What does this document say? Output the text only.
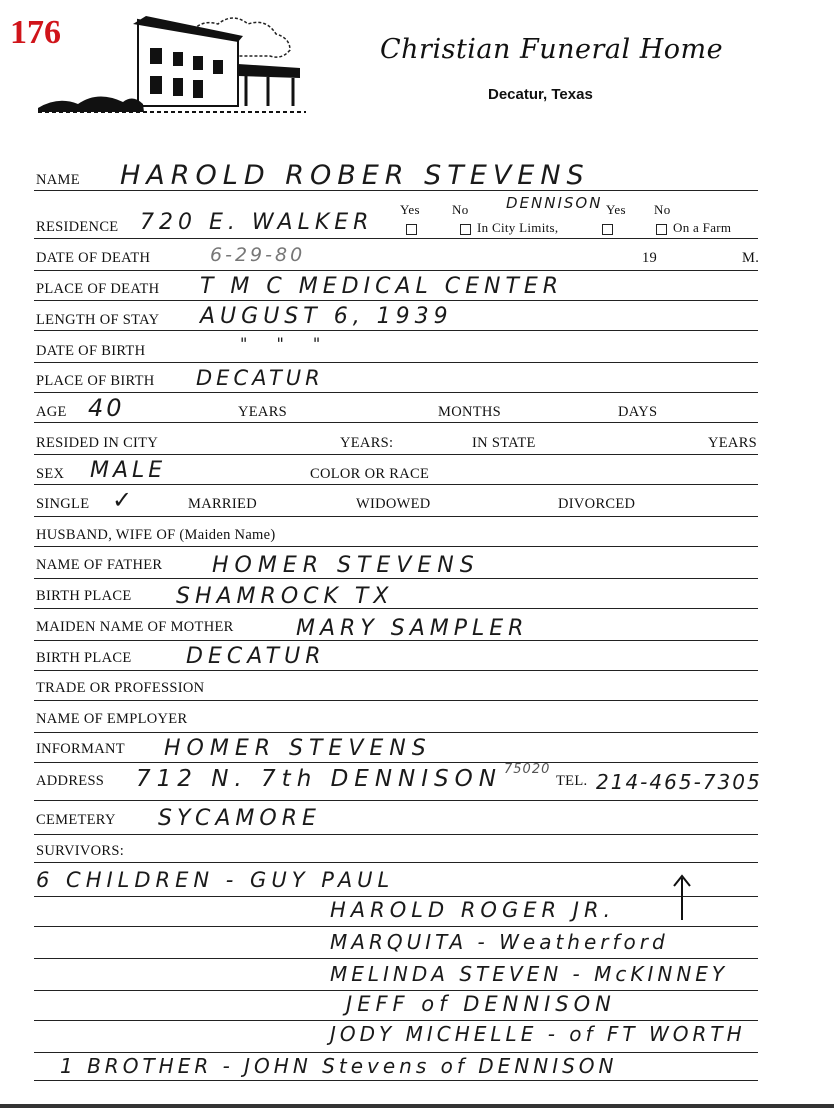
176	Christian Funeral Home
Decatur, Texas
NAME HAROLD ROBER STEVENS
RESIDENCE 720 E. WALKER
Yes No
In City Limits,
DENNISON Yes No
On a Farm
DATE OF DEATH	6-29-80	19	M.
PLACE OF DEATH T M C MEDICAL CENTER
LENGTH OF STAY AUGUST 6, 1939
DATE OF BIRTH	" " "
PLACE OF BIRTH DECATUR
AGE 40	YEARS	MONTHS	DAYS
RESIDED IN CITY	YEARS:	IN STATE	YEARS
SEX MALE	COLOR OR RACE
SINGLE ✓	MARRIED	WIDOWED	DIVORCED
HUSBAND, WIFE OF (Maiden Name)
NAME OF FATHER HOMER STEVENS
BIRTH PLACE SHAMROCK TX
MAIDEN NAME OF MOTHER	MARY SAMPLER
BIRTH PLACE DECATUR
TRADE OR PROFESSION
NAME OF EMPLOYER
INFORMANT HOMER STEVENS
ADDRESS 712 N. 7th DENNISON 75020
TEL. 214-465-7305
CEMETERY SYCAMORE
SURVIVORS:
6 CHILDREN - GUY PAUL
HAROLD ROGER JR.
MARQUITA - Weatherford
MELINDA STEVEN - McKINNEY
JEFF of DENNISON
JODY MICHELLE - of FT WORTH
1 BROTHER - JOHN Stevens of DENNISON
